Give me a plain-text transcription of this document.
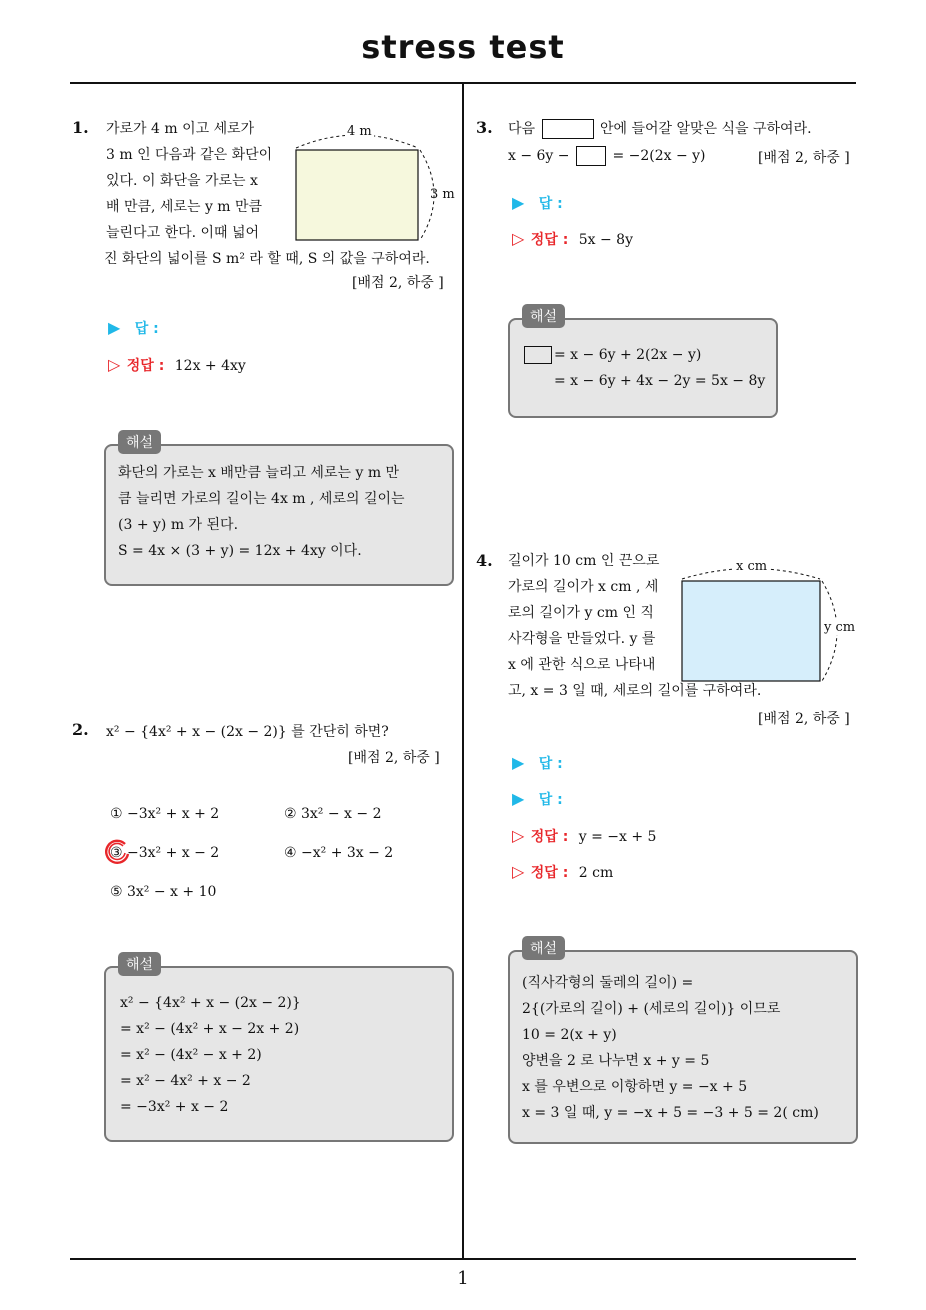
stress test
1
1. 가로가 4 m 이고 세로가
3 m 인 다음과 같은 화단이
있다. 이 화단을 가로는 x
배 만큼, 세로는 y m 만큼
늘린다고 한다. 이때 넓어
진 화단의 넓이를 S m² 라 할 때, S 의 값을 구하여라.
4 m
3 m
[배점 2, 하중 ]
▶ 답 :
▷ 정답 : 12x + 4xy
화단의 가로는 x 배만큼 늘리고 세로는 y m 만
큼 늘리면 가로의 길이는 4x m , 세로의 길이는
(3 + y) m 가 된다.
S = 4x × (3 + y) = 12x + 4xy 이다.
해설
2. x² − {4x² + x − (2x − 2)} 를 간단히 하면?
[배점 2, 하중 ]
① −3x² + x + 2	② 3x² − x − 2
③ −3x² + x − 2	④ −x² + 3x − 2
⑤ 3x² − x + 10
x² − {4x² + x − (2x − 2)}
= x² − (4x² + x − 2x + 2)
= x² − (4x² − x + 2)
= x² − 4x² + x − 2
= −3x² + x − 2
해설
3. 다음	안에 들어갈 알맞은 식을 구하여라.
x − 6y −	= −2(2x − y)	[배점 2, 하중 ]
▶ 답 :
▷ 정답 : 5x − 8y
= x − 6y + 2(2x − y)
= x − 6y + 4x − 2y = 5x − 8y
해설
4. 길이가 10 cm 인 끈으로
가로의 길이가 x cm , 세
로의 길이가 y cm 인 직
사각형을 만들었다. y 를
x 에 관한 식으로 나타내
고, x = 3 일 때, 세로의 길이를 구하여라.
x cm
y cm
[배점 2, 하중 ]
▶ 답 :
▶ 답 :
▷ 정답 : y = −x + 5
▷ 정답 : 2 cm
(직사각형의 둘레의 길이) =
2{(가로의 길이) + (세로의 길이)} 이므로
10 = 2(x + y)
양변을 2 로 나누면 x + y = 5
x 를 우변으로 이항하면 y = −x + 5
x = 3 일 때, y = −x + 5 = −3 + 5 = 2( cm)
해설
